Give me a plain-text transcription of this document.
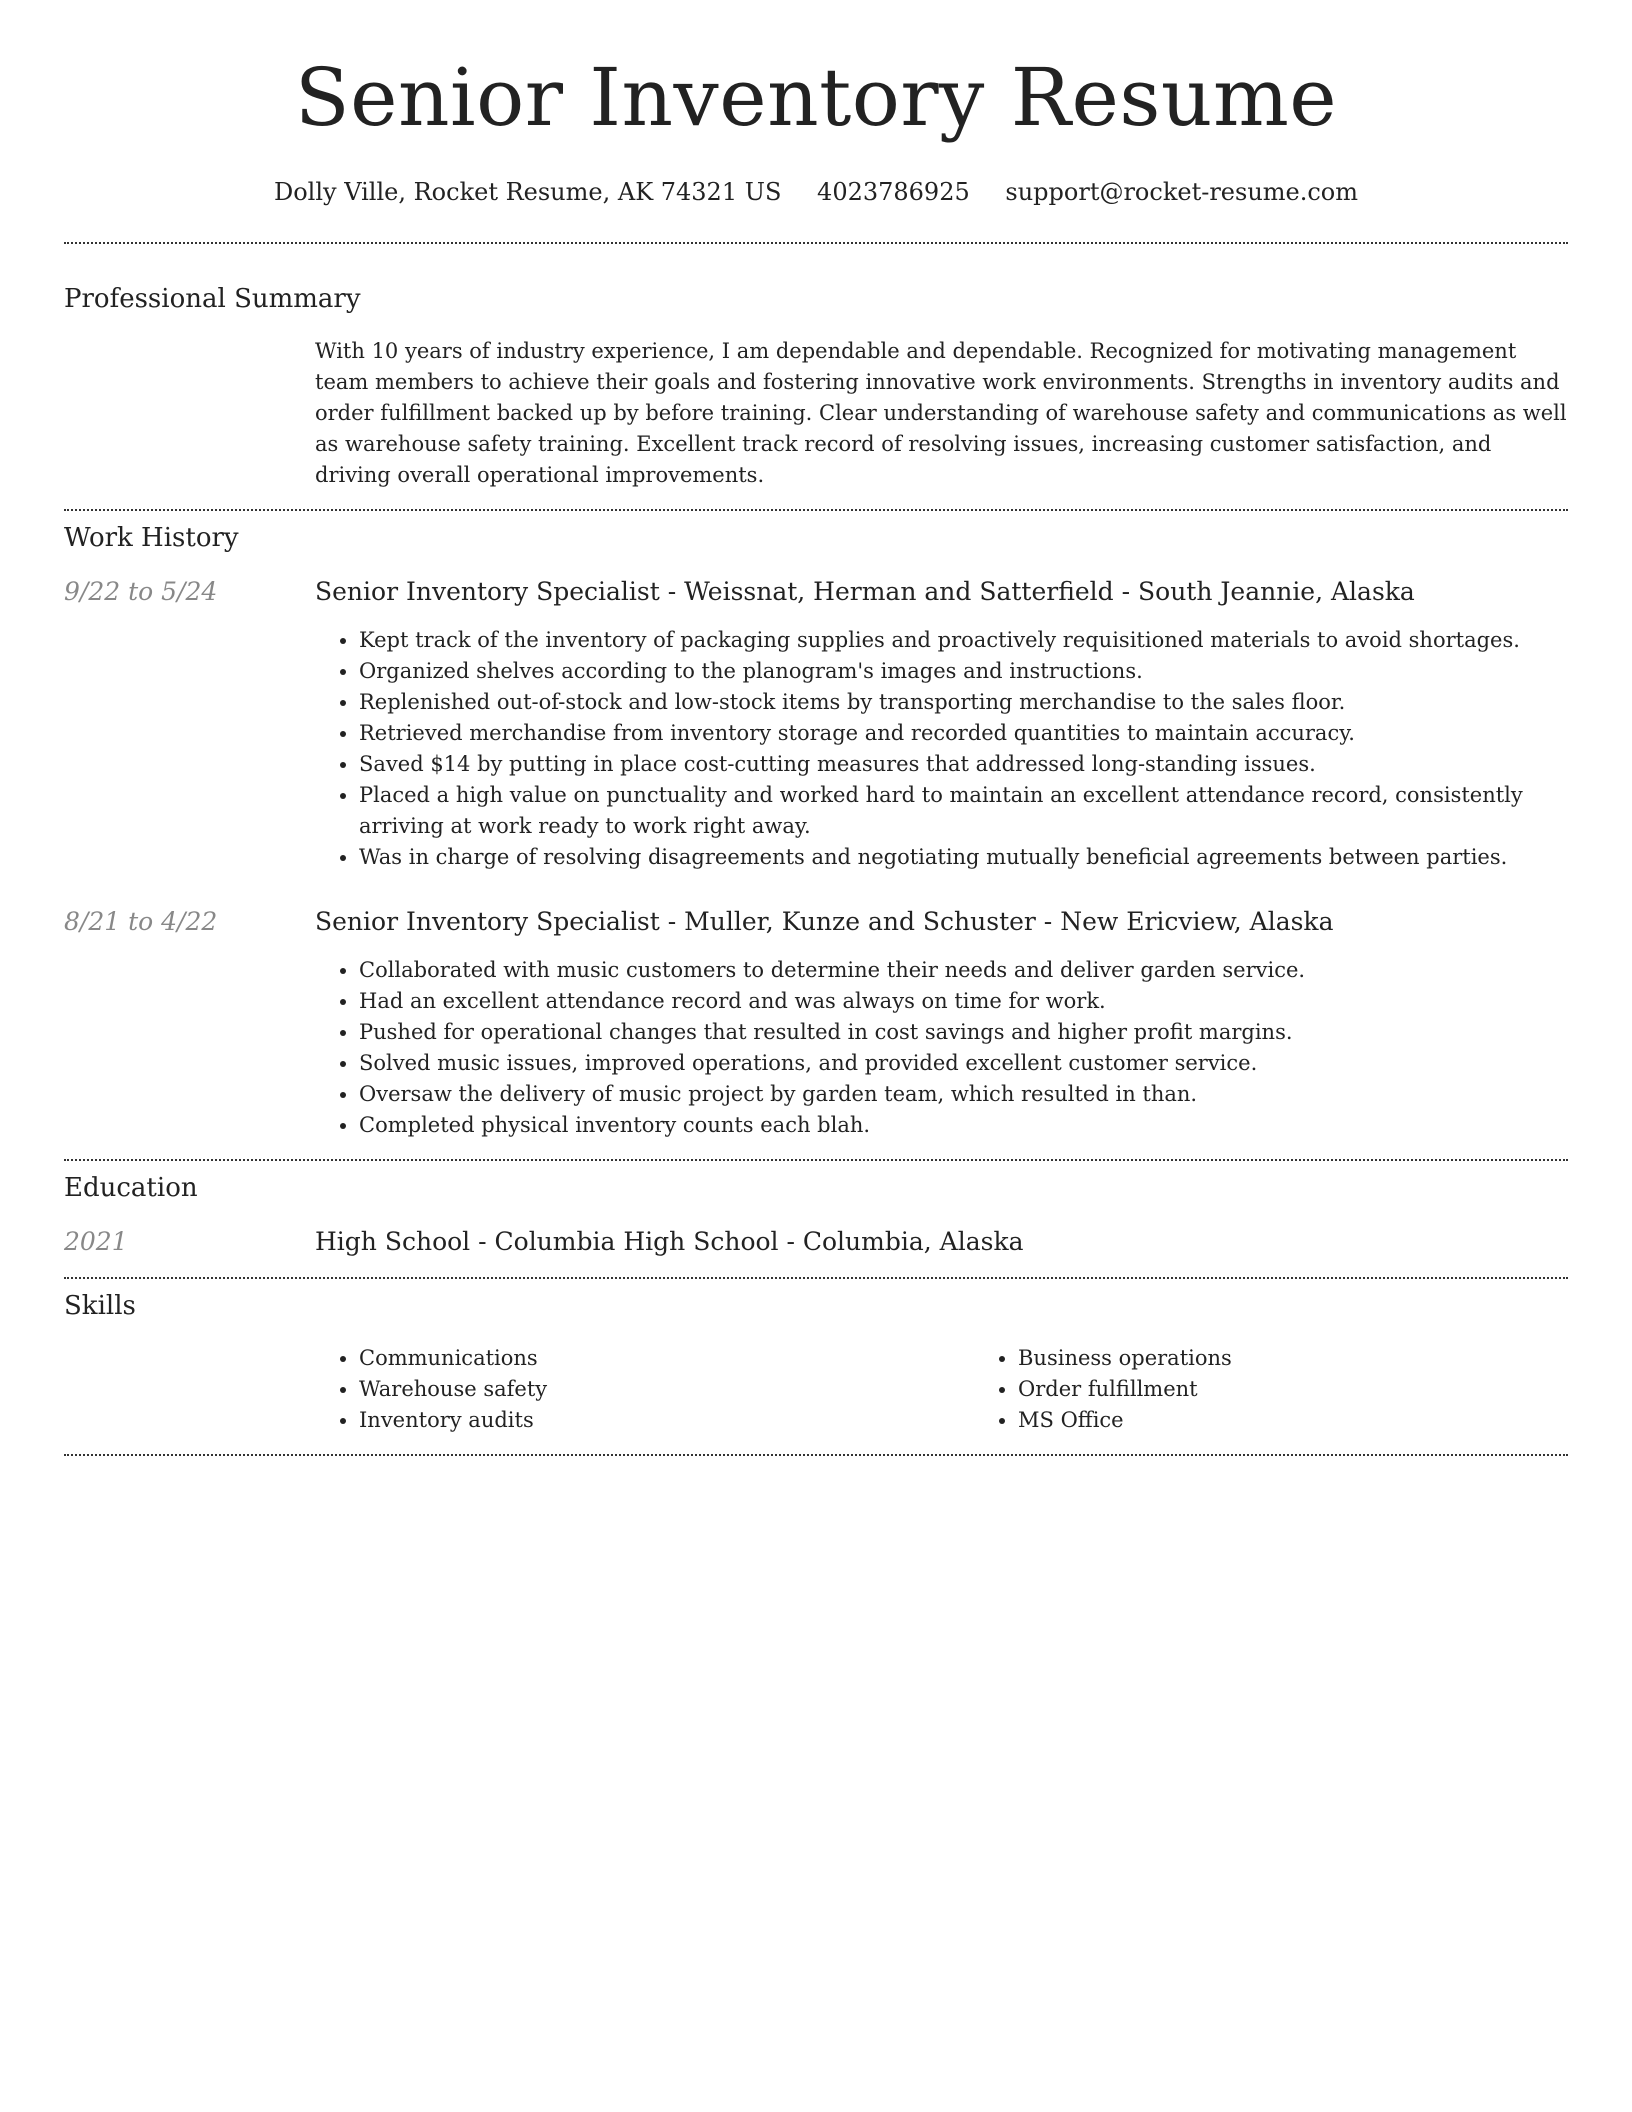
Senior Inventory Resume
Dolly Ville, Rocket Resume, AK 74321 US 4023786925 support@rocket-resume.com
Professional Summary
With 10 years of industry experience, I am dependable and dependable. Recognized for motivating management team members to achieve their goals and fostering innovative work environments. Strengths in inventory audits and order fulfillment backed up by before training. Clear understanding of warehouse safety and communications as well as warehouse safety training. Excellent track record of resolving issues, increasing customer satisfaction, and driving overall operational improvements.
Work History
9/22 to 5/24	Senior Inventory Specialist - Weissnat, Herman and Satterfield - South Jeannie, Alaska
• Kept track of the inventory of packaging supplies and proactively requisitioned materials to avoid shortages.
• Organized shelves according to the planogram's images and instructions.
• Replenished out-of-stock and low-stock items by transporting merchandise to the sales floor.
• Retrieved merchandise from inventory storage and recorded quantities to maintain accuracy.
• Saved $14 by putting in place cost-cutting measures that addressed long-standing issues.
• Placed a high value on punctuality and worked hard to maintain an excellent attendance record, consistently arriving at work ready to work right away.
• Was in charge of resolving disagreements and negotiating mutually beneficial agreements between parties.
8/21 to 4/22	Senior Inventory Specialist - Muller, Kunze and Schuster - New Ericview, Alaska
• Collaborated with music customers to determine their needs and deliver garden service.
• Had an excellent attendance record and was always on time for work.
• Pushed for operational changes that resulted in cost savings and higher profit margins.
• Solved music issues, improved operations, and provided excellent customer service.
• Oversaw the delivery of music project by garden team, which resulted in than.
• Completed physical inventory counts each blah.
Education
2021	High School - Columbia High School - Columbia, Alaska
Skills
• Communications
• Warehouse safety
• Inventory audits
• Business operations
• Order fulfillment
• MS Office
